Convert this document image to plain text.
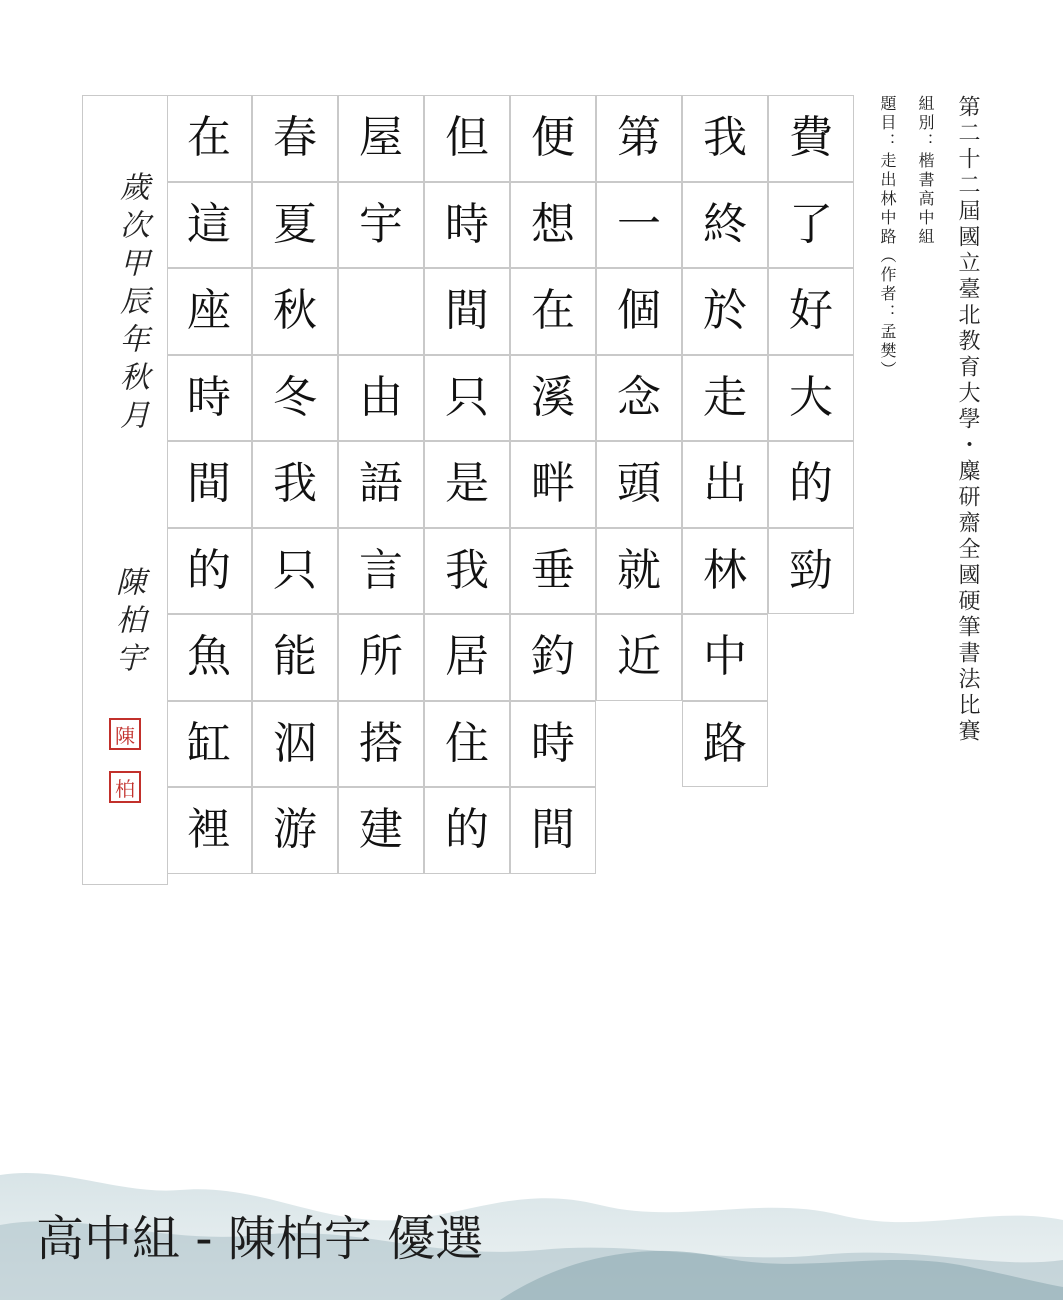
第二十二屆國立臺北教育大學・麋研齋全國硬筆書法比賽
組別：楷書高中組
題目：走出林中路（作者：孟樊）
費
了
好
大
的
勁
我
終
於
走
出
林
中
路
第
一
個
念
頭
就
近
便
想
在
溪
畔
垂
釣
時
間
但
時
間
只
是
我
居
住
的
屋
宇
由
語
言
所
搭
建
春
夏
秋
冬
我
只
能
泅
游
在
這
座
時
間
的
魚
缸
裡
歲次甲辰年秋月
陳柏宇
陳
柏
高中組 - 陳柏宇 優選
